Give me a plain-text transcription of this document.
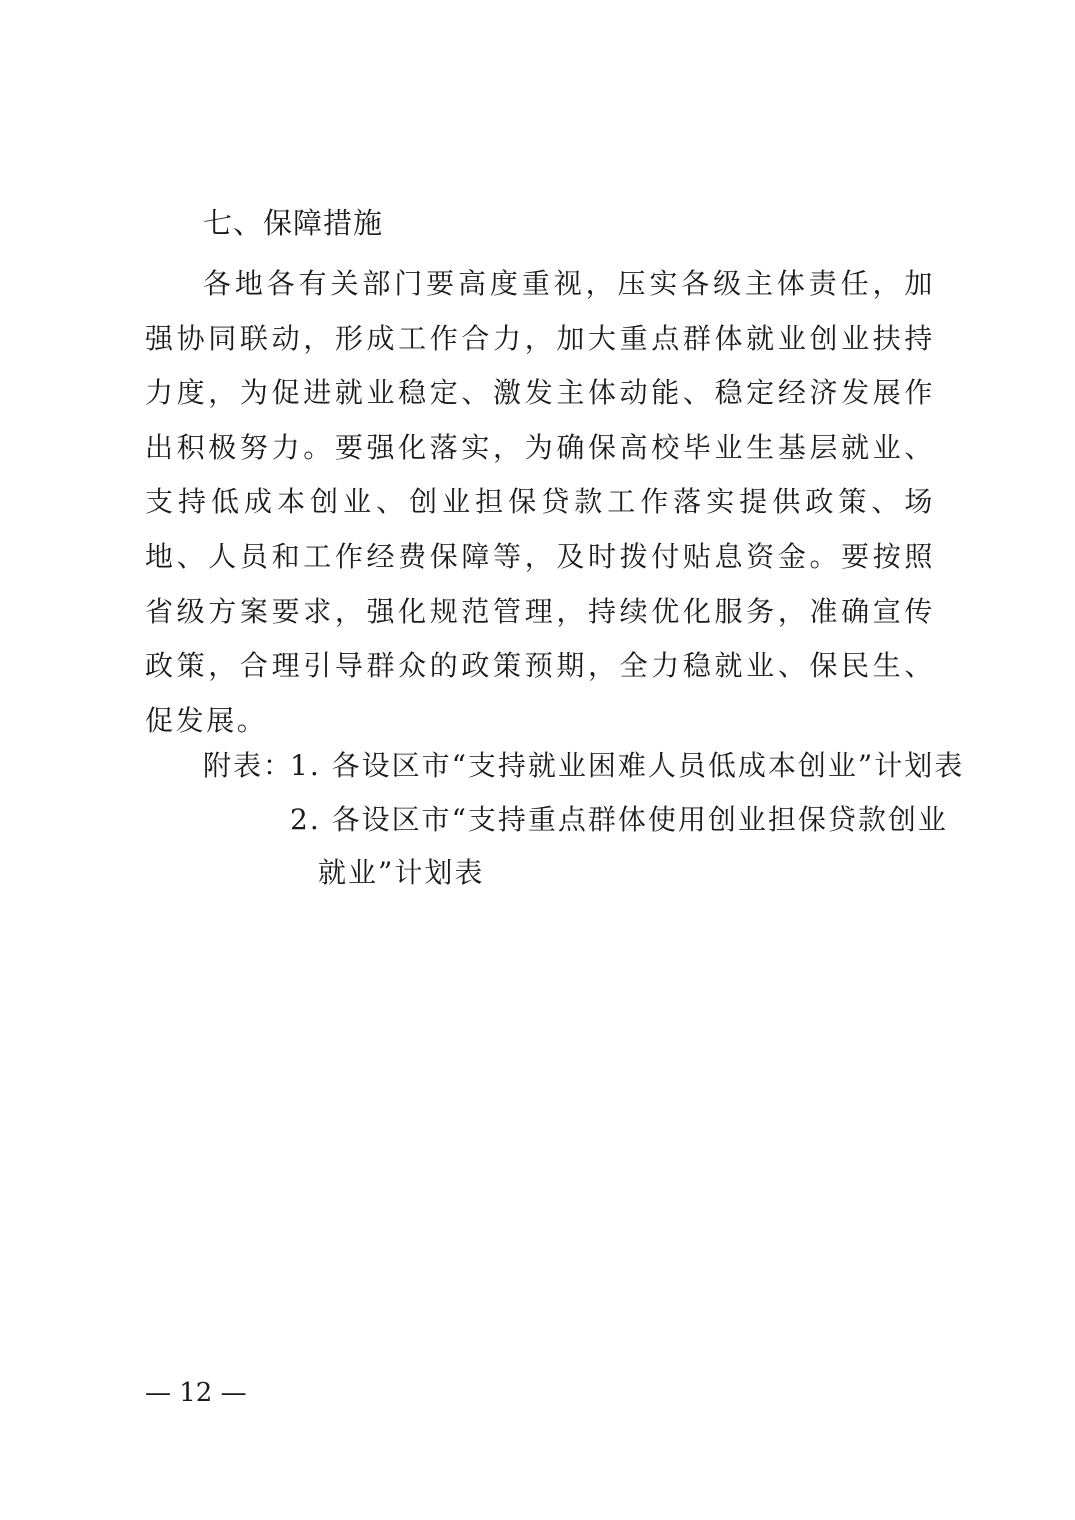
七、保障措施

各地各有关部门要高度重视，压实各级主体责任，加强协同联动，形成工作合力，加大重点群体就业创业扶持力度，为促进就业稳定、激发主体动能、稳定经济发展作出积极努力。要强化落实，为确保高校毕业生基层就业、支持低成本创业、创业担保贷款工作落实提供政策、场地、人员和工作经费保障等，及时拨付贴息资金。要按照省级方案要求，强化规范管理，持续优化服务，准确宣传政策，合理引导群众的政策预期，全力稳就业、保民生、促发展。

附表：
1. 各设区市“支持就业困难人员低成本创业”计划表
2. 各设区市“支持重点群体使用创业担保贷款创业
就业”计划表
— 12 —
